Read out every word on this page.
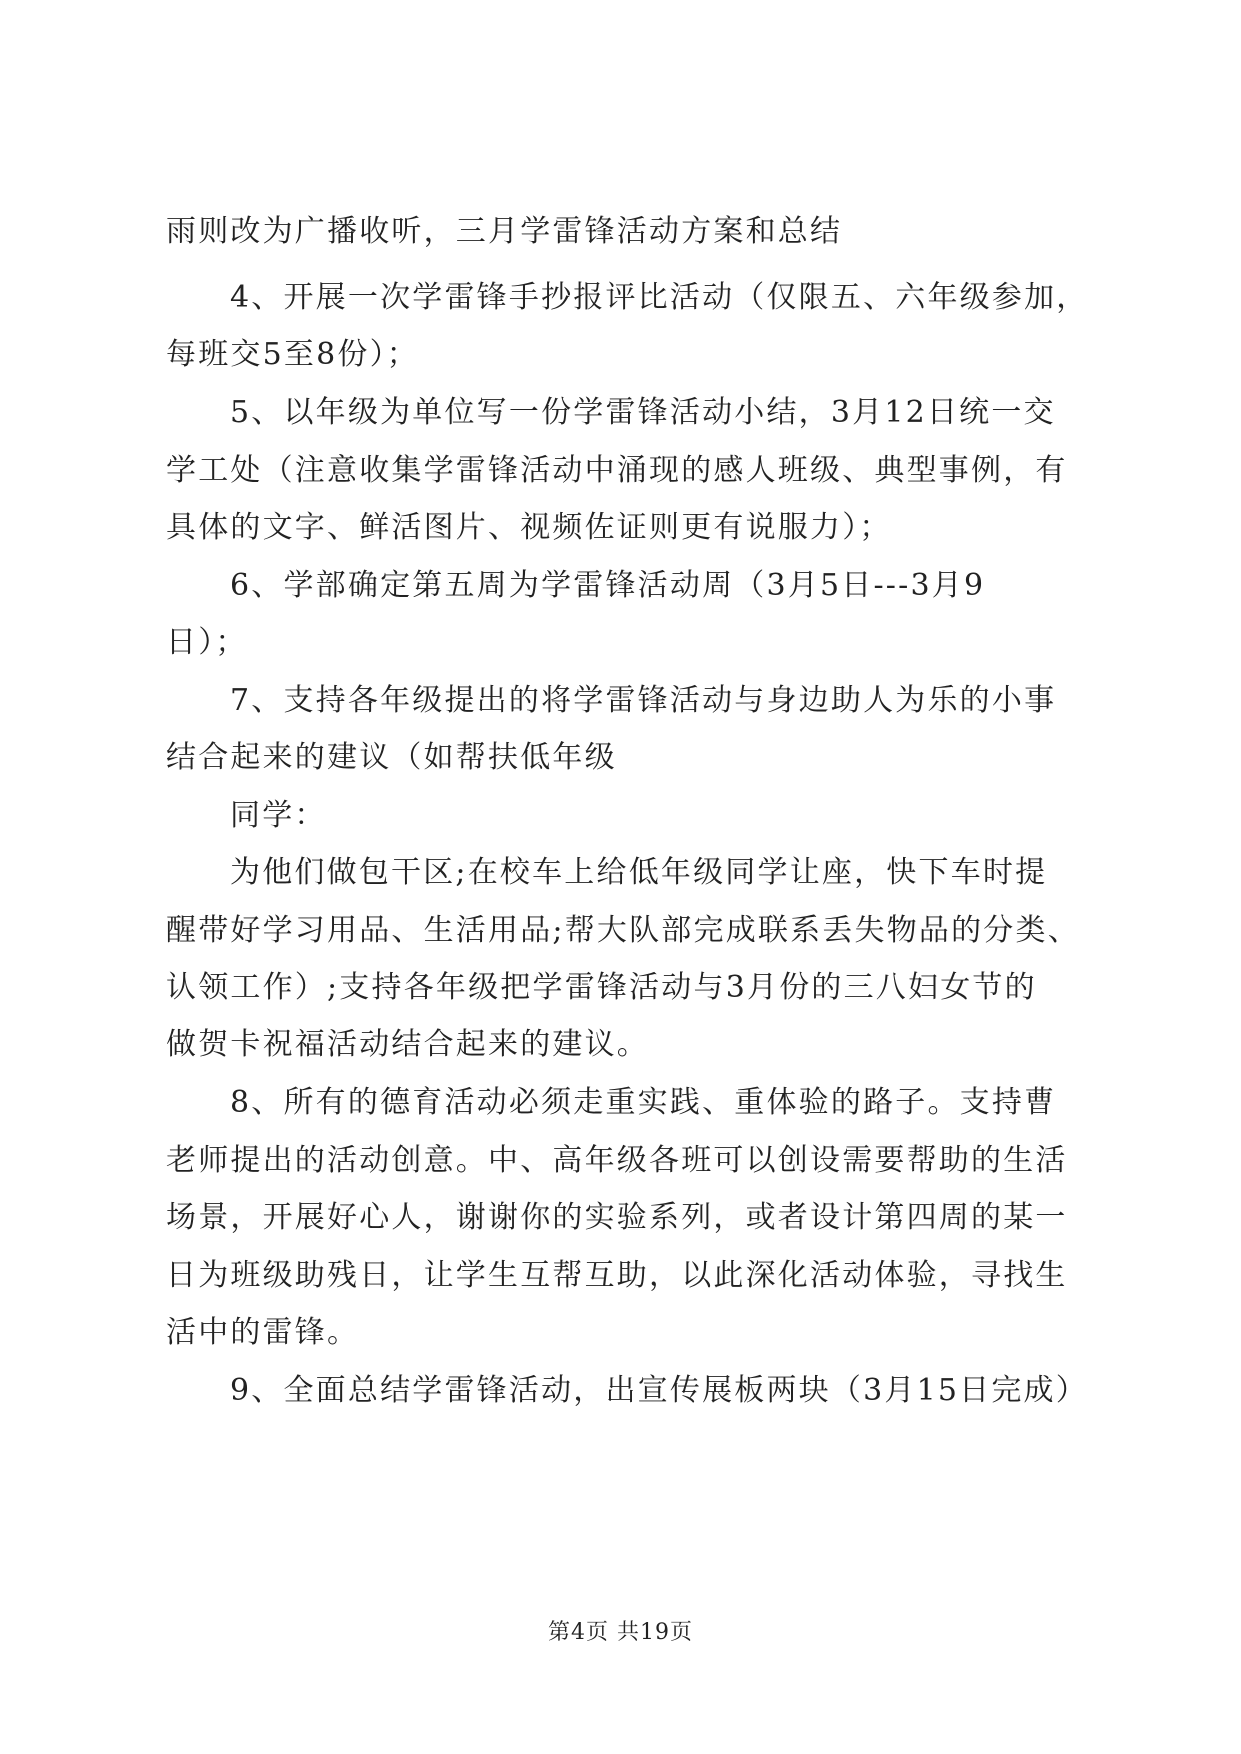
雨则改为广播收听，三月学雷锋活动方案和总结
4、开展一次学雷锋手抄报评比活动（仅限五、六年级参加，
每班交5至8份）；
5、以年级为单位写一份学雷锋活动小结，3月12日统一交
学工处（注意收集学雷锋活动中涌现的感人班级、典型事例，有
具体的文字、鲜活图片、视频佐证则更有说服力）；
6、学部确定第五周为学雷锋活动周（3月5日---3月9
日）；
7、支持各年级提出的将学雷锋活动与身边助人为乐的小事
结合起来的建议（如帮扶低年级
同学：
为他们做包干区;在校车上给低年级同学让座，快下车时提
醒带好学习用品、生活用品;帮大队部完成联系丢失物品的分类、
认领工作）;支持各年级把学雷锋活动与3月份的三八妇女节的
做贺卡祝福活动结合起来的建议。
8、所有的德育活动必须走重实践、重体验的路子。支持曹
老师提出的活动创意。中、高年级各班可以创设需要帮助的生活
场景，开展好心人，谢谢你的实验系列，或者设计第四周的某一
日为班级助残日，让学生互帮互助，以此深化活动体验，寻找生
活中的雷锋。
9、全面总结学雷锋活动，出宣传展板两块（3月15日完成）
第4页 共19页
